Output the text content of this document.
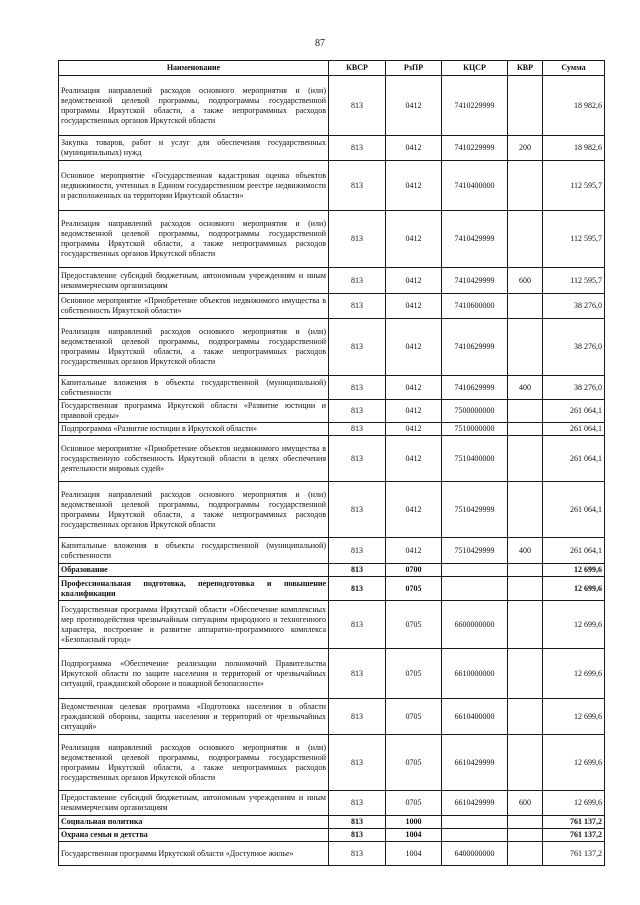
87
Наименование	КВСР	РзПР	КЦСР	КВР	Сумма
Реализация направлений расходов основного мероприятия и (или) ведомственной целевой программы, подпрограммы государственной программы Иркутской области, а также непрограммных расходов государственных органов Иркутской области	813	0412	7410229999		18 982,6
Закупка товаров, работ и услуг для обеспечения государственных (муниципальных) нужд	813	0412	7410229999	200	18 982,6
Основное мероприятие «Государственная кадастровая оценка объектов недвижимости, учтенных в Едином государственном реестре недвижимости и расположенных на территории Иркутской области»	813	0412	7410400000		112 595,7
Реализация направлений расходов основного мероприятия и (или) ведомственной целевой программы, подпрограммы государственной программы Иркутской области, а также непрограммных расходов государственных органов Иркутской области	813	0412	7410429999		112 595,7
Предоставление субсидий бюджетным, автономным учреждениям и иным некоммерческим организациям	813	0412	7410429999	600	112 595,7
Основное мероприятие «Приобретение объектов недвижимого имущества в собственность Иркутской области»	813	0412	7410600000		38 276,0
Реализация направлений расходов основного мероприятия и (или) ведомственной целевой программы, подпрограммы государственной программы Иркутской области, а также непрограммных расходов государственных органов Иркутской области	813	0412	7410629999		38 276,0
Капитальные вложения в объекты государственной (муниципальной) собственности	813	0412	7410629999	400	38 276,0
Государственная программа Иркутской области «Развитие юстиции и правовой среды»	813	0412	7500000000		261 064,1
Подпрограмма «Развитие юстиции в Иркутской области»	813	0412	7510000000		261 064,1
Основное мероприятие «Приобретение объектов недвижимого имущества в государственную собственность Иркутской области в целях обеспечения деятельности мировых судей»	813	0412	7510400000		261 064,1
Реализация направлений расходов основного мероприятия и (или) ведомственной целевой программы, подпрограммы государственной программы Иркутской области, а также непрограммных расходов государственных органов Иркутской области	813	0412	7510429999		261 064,1
Капитальные вложения в объекты государственной (муниципальной) собственности	813	0412	7510429999	400	261 064,1
Образование	813	0700			12 699,6
Профессиональная подготовка, переподготовка и повышение квалификации	813	0705			12 699,6
Государственная программа Иркутской области «Обеспечение комплексных мер противодействия чрезвычайным ситуациям природного и техногенного характера, построение и развитие аппаратно-программного комплекса «Безопасный город»	813	0705	6600000000		12 699,6
Подпрограмма «Обеспечение реализации полномочий Правительства Иркутской области по защите населения и территорий от чрезвычайных ситуаций, гражданской обороне и пожарной безопасности»	813	0705	6610000000		12 699,6
Ведомственная целевая программа «Подготовка населения в области гражданской обороны, защиты населения и территорий от чрезвычайных ситуаций»	813	0705	6610400000		12 699,6
Реализация направлений расходов основного мероприятия и (или) ведомственной целевой программы, подпрограммы государственной программы Иркутской области, а также непрограммных расходов государственных органов Иркутской области	813	0705	6610429999		12 699,6
Предоставление субсидий бюджетным, автономным учреждениям и иным некоммерческим организациям	813	0705	6610429999	600	12 699,6
Социальная политика	813	1000			761 137,2
Охрана семьи и детства	813	1004			761 137,2
Государственная программа Иркутской области «Доступное жилье»	813	1004	6400000000		761 137,2
